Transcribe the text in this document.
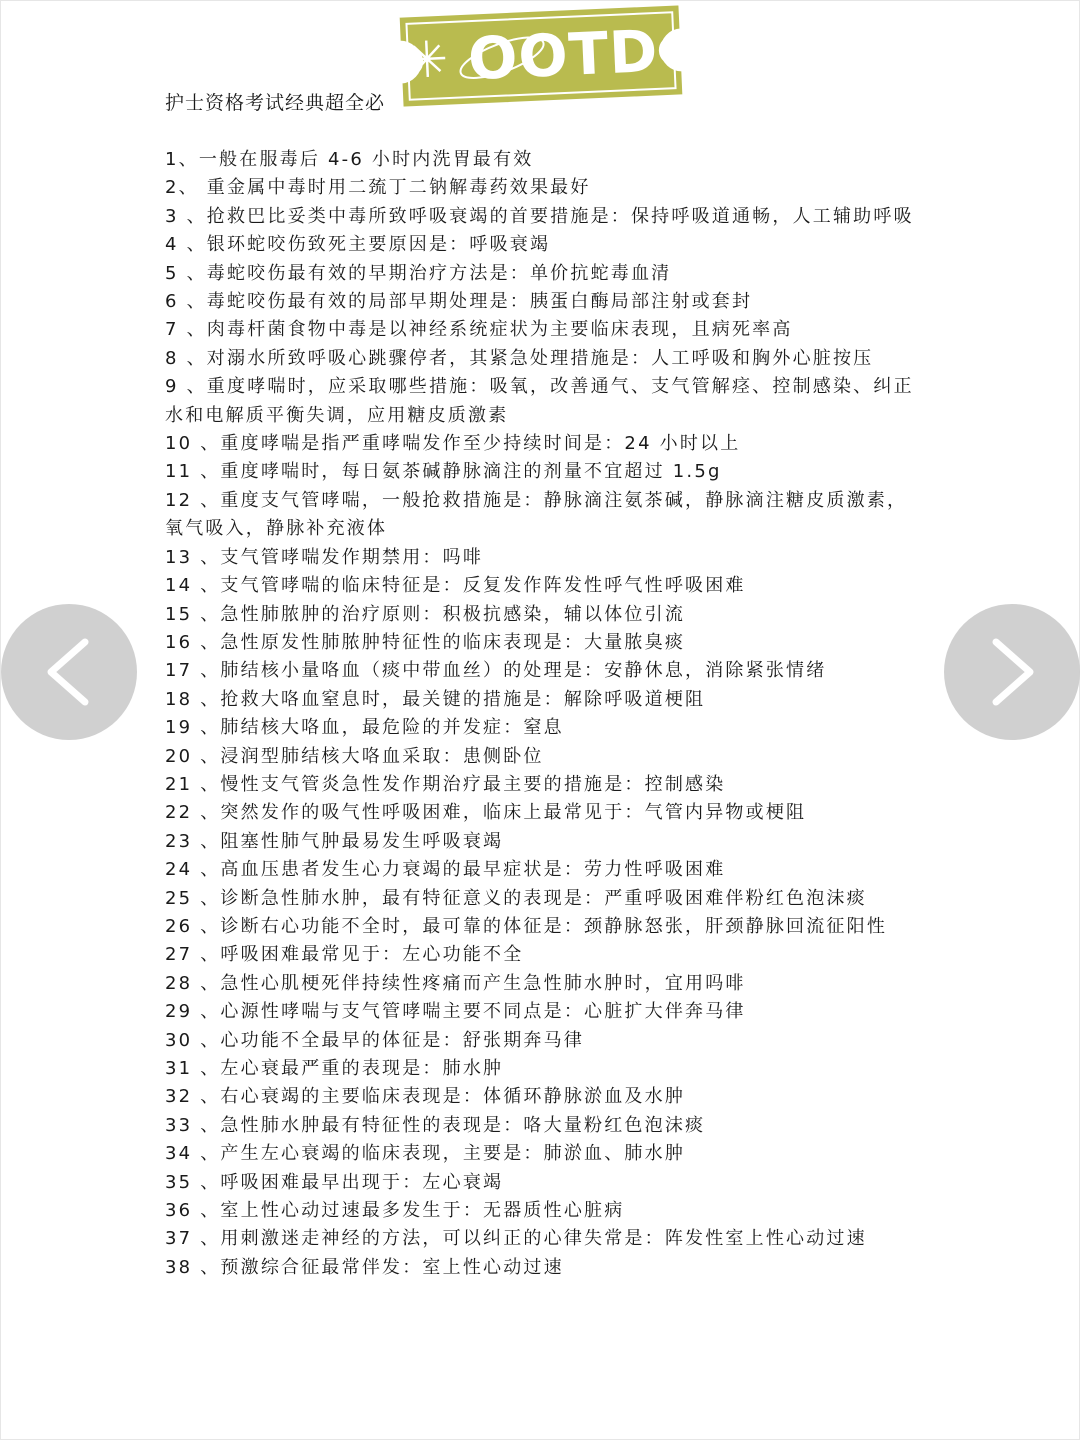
护士资格考试经典超全必
1、一般在服毒后 4-6 小时内洗胃最有效
2、 重金属中毒时用二巯丁二钠解毒药效果最好
3 、抢救巴比妥类中毒所致呼吸衰竭的首要措施是：保持呼吸道通畅，人工辅助呼吸
4 、银环蛇咬伤致死主要原因是：呼吸衰竭
5 、毒蛇咬伤最有效的早期治疗方法是：单价抗蛇毒血清
6 、毒蛇咬伤最有效的局部早期处理是：胰蛋白酶局部注射或套封
7 、肉毒杆菌食物中毒是以神经系统症状为主要临床表现，且病死率高
8 、对溺水所致呼吸心跳骤停者，其紧急处理措施是：人工呼吸和胸外心脏按压
9 、重度哮喘时，应采取哪些措施：吸氧，改善通气、支气管解痉、控制感染、纠正水和电解质平衡失调，应用糖皮质激素
10 、重度哮喘是指严重哮喘发作至少持续时间是：24 小时以上
11 、重度哮喘时，每日氨茶碱静脉滴注的剂量不宜超过 1.5g
12 、重度支气管哮喘，一般抢救措施是：静脉滴注氨茶碱，静脉滴注糖皮质激素，氧气吸入，静脉补充液体
13 、支气管哮喘发作期禁用：吗啡
14 、支气管哮喘的临床特征是：反复发作阵发性呼气性呼吸困难
15 、急性肺脓肿的治疗原则：积极抗感染，辅以体位引流
16 、急性原发性肺脓肿特征性的临床表现是：大量脓臭痰
17 、肺结核小量咯血（痰中带血丝）的处理是：安静休息，消除紧张情绪
18 、抢救大咯血窒息时，最关键的措施是：解除呼吸道梗阻
19 、肺结核大咯血，最危险的并发症：窒息
20 、浸润型肺结核大咯血采取：患侧卧位
21 、慢性支气管炎急性发作期治疗最主要的措施是：控制感染
22 、突然发作的吸气性呼吸困难，临床上最常见于：气管内异物或梗阻
23 、阻塞性肺气肿最易发生呼吸衰竭
24 、高血压患者发生心力衰竭的最早症状是：劳力性呼吸困难
25 、诊断急性肺水肿，最有特征意义的表现是：严重呼吸困难伴粉红色泡沫痰
26 、诊断右心功能不全时，最可靠的体征是：颈静脉怒张，肝颈静脉回流征阳性
27 、呼吸困难最常见于：左心功能不全
28 、急性心肌梗死伴持续性疼痛而产生急性肺水肿时，宜用吗啡
29 、心源性哮喘与支气管哮喘主要不同点是：心脏扩大伴奔马律
30 、心功能不全最早的体征是：舒张期奔马律
31 、左心衰最严重的表现是：肺水肿
32 、右心衰竭的主要临床表现是：体循环静脉淤血及水肿
33 、急性肺水肿最有特征性的表现是：咯大量粉红色泡沫痰
34 、产生左心衰竭的临床表现，主要是：肺淤血、肺水肿
35 、呼吸困难最早出现于：左心衰竭
36 、室上性心动过速最多发生于：无器质性心脏病
37 、用刺激迷走神经的方法，可以纠正的心律失常是：阵发性室上性心动过速
38 、预激综合征最常伴发：室上性心动过速
✳ OOTD
